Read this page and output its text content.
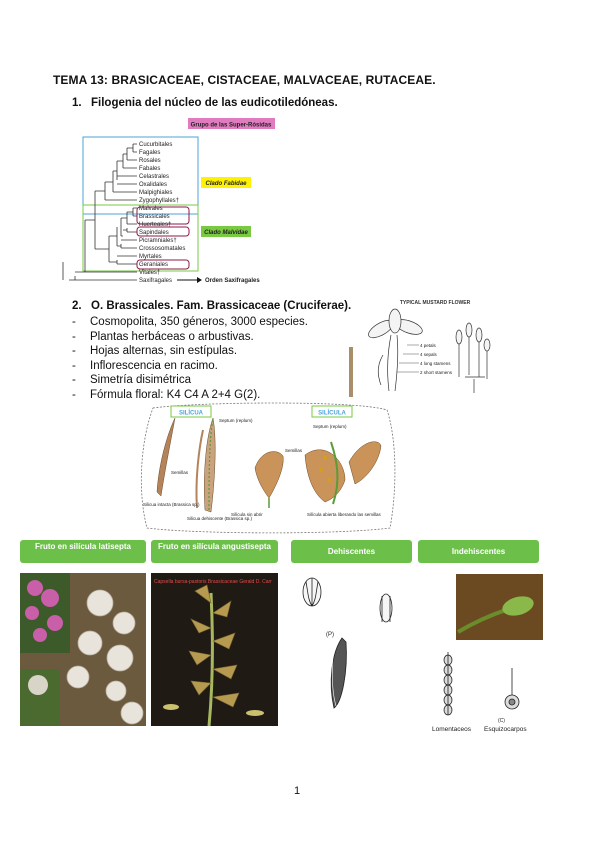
TEMA 13: BRASICACEAE, CISTACEAE, MALVACEAE, RUTACEAE.
1. Filogenia del núcleo de las eudicotiledóneas.
Grupo de las Super-Rósidas
Clado Fabidae
Clado Malvidae
Cucurbitales
Fagales
Rosales
Fabales
Celastrales
Oxalidales
Malpighiales
Zygophyllales†
Malvales
Brassicales
Huerteales†
Sapindales
Picramniales†
Crossosomatales
Myrtales
Geraniales
Vitales†
Saxifragales	Orden Saxifragales
2. O. Brassicales. Fam. Brassicaceae (Cruciferae).
- Cosmopolita, 350 géneros, 3000 especies.
- Plantas herbáceas o arbustivas.
- Hojas alternas, sin estípulas.
- Inflorescencia en racimo.
- Simetría disimétrica
- Fórmula floral: K4 C4 A 2+4 G(2).
TYPICAL MUSTARD FLOWER
4 petals
4 sepals
4 long stamens
2 short stamens
SILÍCUA	SILÍCULA
Septum (replum)
Semillas
Silicua intacta (Brassica sp.)
Silicua dehiscente (Brassica sp.)
Septum (replum)
Semillas
Silícula sin abrir	Silícula abierta liberando las semillas
Fruto en silícula latisepta	Fruto en silícula angustisepta
Dehiscentes	Indehiscentes
Capsella bursa-pastoris Brassicaceae Gerald D. Carr
(P)
(C)
Lomentaceos Esquizocarpos
1
